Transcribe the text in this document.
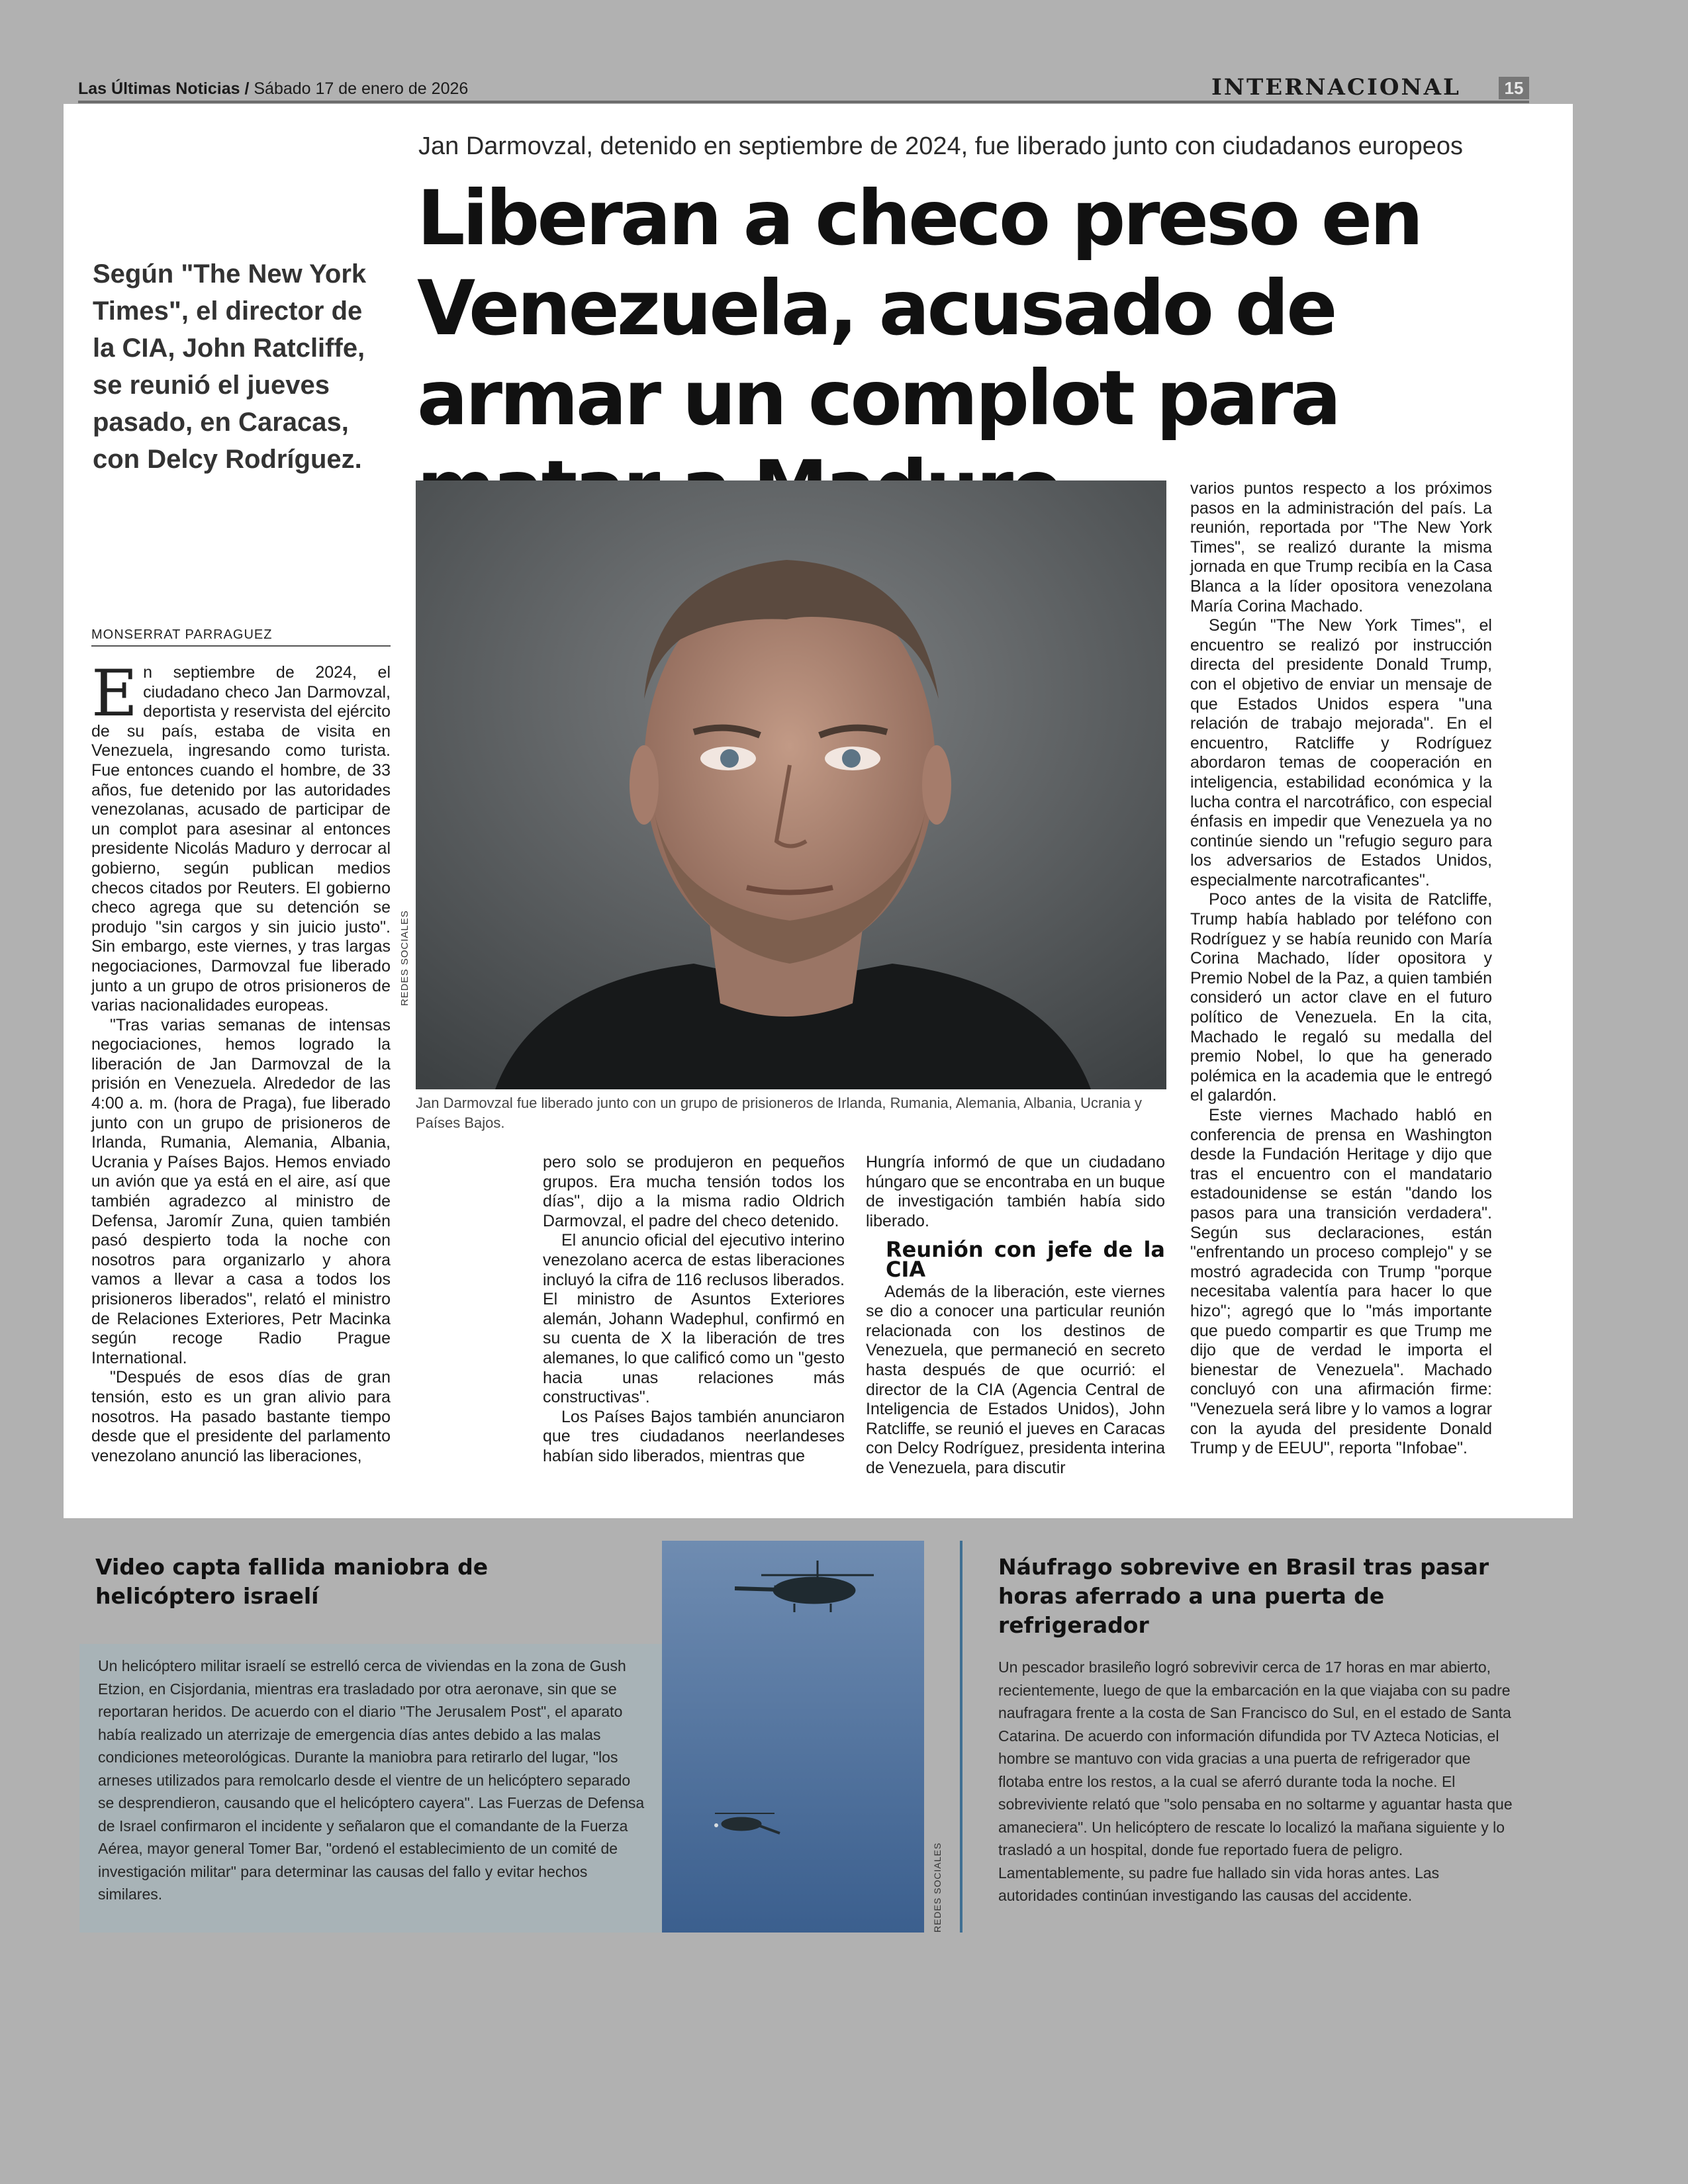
Las Últimas Noticias / Sábado 17 de enero de 2026	INTERNACIONAL	15
Jan Darmovzal, detenido en septiembre de 2024, fue liberado junto con ciudadanos europeos
Liberan a checo preso en Venezuela, acusado de armar un complot para
Según "The New York Times", el director de la CIA, John Ratcliffe, se reunió el jueves pasado, en Caracas, con Delcy Rodríguez.
MONSERRAT PARRAGUEZ

En septiembre de 2024, el ciudadano checo Jan Darmovzal, deportista y reservista del ejército de su país, estaba de visita en Venezuela, ingresando como turista. Fue entonces cuando el hombre, de 33 años, fue detenido por las autoridades venezolanas, acusado de participar de un complot para asesinar al entonces presidente Nicolás Maduro y derrocar al gobierno, según publican medios checos citados por Reuters. El gobierno checo agrega que su detención se produjo "sin cargos y sin juicio justo". Sin embargo, este viernes, y tras largas negociaciones, Darmovzal fue liberado junto a un grupo de otros prisioneros de varias nacionalidades europeas.

"Tras varias semanas de intensas negociaciones, hemos logrado la liberación de Jan Darmovzal de la prisión en Venezuela. Alrededor de las 4:00 a. m. (hora de Praga), fue liberado junto con un grupo de prisioneros de Irlanda, Rumania, Alemania, Albania, Ucrania y Países Bajos. Hemos enviado un avión que ya está en el aire, así que también agradezco al ministro de Defensa, Jaromír Zuna, quien también pasó despierto toda la noche con nosotros para organizarlo y ahora vamos a llevar a casa a todos los prisioneros liberados", relató el ministro de Relaciones Exteriores, Petr Macinka según recoge Radio Prague International.

"Después de esos días de gran tensión, esto es un gran alivio para nosotros. Ha pasado bastante tiempo desde que el presidente del parlamento venezolano anunció las liberaciones,

REDES SOCIALES
Jan Darmovzal fue liberado junto con un grupo de prisioneros de Irlanda, Rumania, Alemania, Albania, Ucrania y Países Bajos.

pero solo se produjeron en pequeños grupos. Era mucha tensión todos los días", dijo a la misma radio Oldrich Darmovzal, el padre del checo detenido.

El anuncio oficial del ejecutivo interino venezolano acerca de estas liberaciones incluyó la cifra de 116 reclusos liberados. El ministro de Asuntos Exteriores alemán, Johann Wadephul, confirmó en su cuenta de X la liberación de tres alemanes, lo que calificó como un "gesto hacia unas relaciones más constructivas".

Los Países Bajos también anunciaron que tres ciudadanos neerlandeses habían sido liberados, mientras que

Hungría informó de que un ciudadano húngaro que se encontraba en un buque de investigación también había sido liberado.

Reunión con jefe de la CIA

Además de la liberación, este viernes se dio a conocer una particular reunión relacionada con los destinos de Venezuela, que permaneció en secreto hasta después de que ocurrió: el director de la CIA (Agencia Central de Inteligencia de Estados Unidos), John Ratcliffe, se reunió el jueves en Caracas con Delcy Rodríguez, presidenta interina de Venezuela, para discutir

varios puntos respecto a los próximos pasos en la administración del país. La reunión, reportada por "The New York Times", se realizó durante la misma jornada en que Trump recibía en la Casa Blanca a la líder opositora venezolana María Corina Machado.

Según "The New York Times", el encuentro se realizó por instrucción directa del presidente Donald Trump, con el objetivo de enviar un mensaje de que Estados Unidos espera "una relación de trabajo mejorada". En el encuentro, Ratcliffe y Rodríguez abordaron temas de cooperación en inteligencia, estabilidad económica y la lucha contra el narcotráfico, con especial énfasis en impedir que Venezuela ya no continúe siendo un "refugio seguro para los adversarios de Estados Unidos, especialmente narcotraficantes".

Poco antes de la visita de Ratcliffe, Trump había hablado por teléfono con Rodríguez y se había reunido con María Corina Machado, líder opositora y Premio Nobel de la Paz, a quien también consideró un actor clave en el futuro político de Venezuela. En la cita, Machado le regaló su medalla del premio Nobel, lo que ha generado polémica en la academia que le entregó el galardón.

Este viernes Machado habló en conferencia de prensa en Washington desde la Fundación Heritage y dijo que tras el encuentro con el mandatario estadounidense se están "dando los pasos para una transición verdadera". Según sus declaraciones, están "enfrentando un proceso complejo" y se mostró agradecida con Trump "porque necesitaba valentía para hacer lo que hizo"; agregó que lo "más importante que puedo compartir es que Trump me dijo que de verdad le importa el bienestar de Venezuela". Machado concluyó con una afirmación firme: "Venezuela será libre y lo vamos a lograr con la ayuda del presidente Donald Trump y de EEUU", reporta "Infobae".

Video capta fallida maniobra de helicóptero israelí
Un helicóptero militar israelí se estrelló cerca de viviendas en la zona de Gush Etzion, en Cisjordania, mientras era trasladado por otra aeronave, sin que se reportaran heridos. De acuerdo con el diario "The Jerusalem Post", el aparato había realizado un aterrizaje de emergencia días antes debido a las malas condiciones meteorológicas. Durante la maniobra para retirarlo del lugar, "los arneses utilizados para remolcarlo desde el vientre de un helicóptero separado se desprendieron, causando que el helicóptero cayera". Las Fuerzas de Defensa de Israel confirmaron el incidente y señalaron que el comandante de la Fuerza Aérea, mayor general Tomer Bar, "ordenó el establecimiento de un comité de investigación militar" para determinar las causas del fallo y evitar hechos similares.	REDES SOCIALES
Náufrago sobrevive en Brasil tras pasar horas aferrado a una puerta de refrigerador
Un pescador brasileño logró sobrevivir cerca de 17 horas en mar abierto, recientemente, luego de que la embarcación en la que viajaba con su padre naufragara frente a la costa de San Francisco do Sul, en el estado de Santa Catarina. De acuerdo con información difundida por TV Azteca Noticias, el hombre se mantuvo con vida gracias a una puerta de refrigerador que flotaba entre los restos, a la cual se aferró durante toda la noche. El sobreviviente relató que "solo pensaba en no soltarme y aguantar hasta que amaneciera". Un helicóptero de rescate lo localizó la mañana siguiente y lo trasladó a un hospital, donde fue reportado fuera de peligro. Lamentablemente, su padre fue hallado sin vida horas antes. Las autoridades continúan investigando las causas del accidente.
